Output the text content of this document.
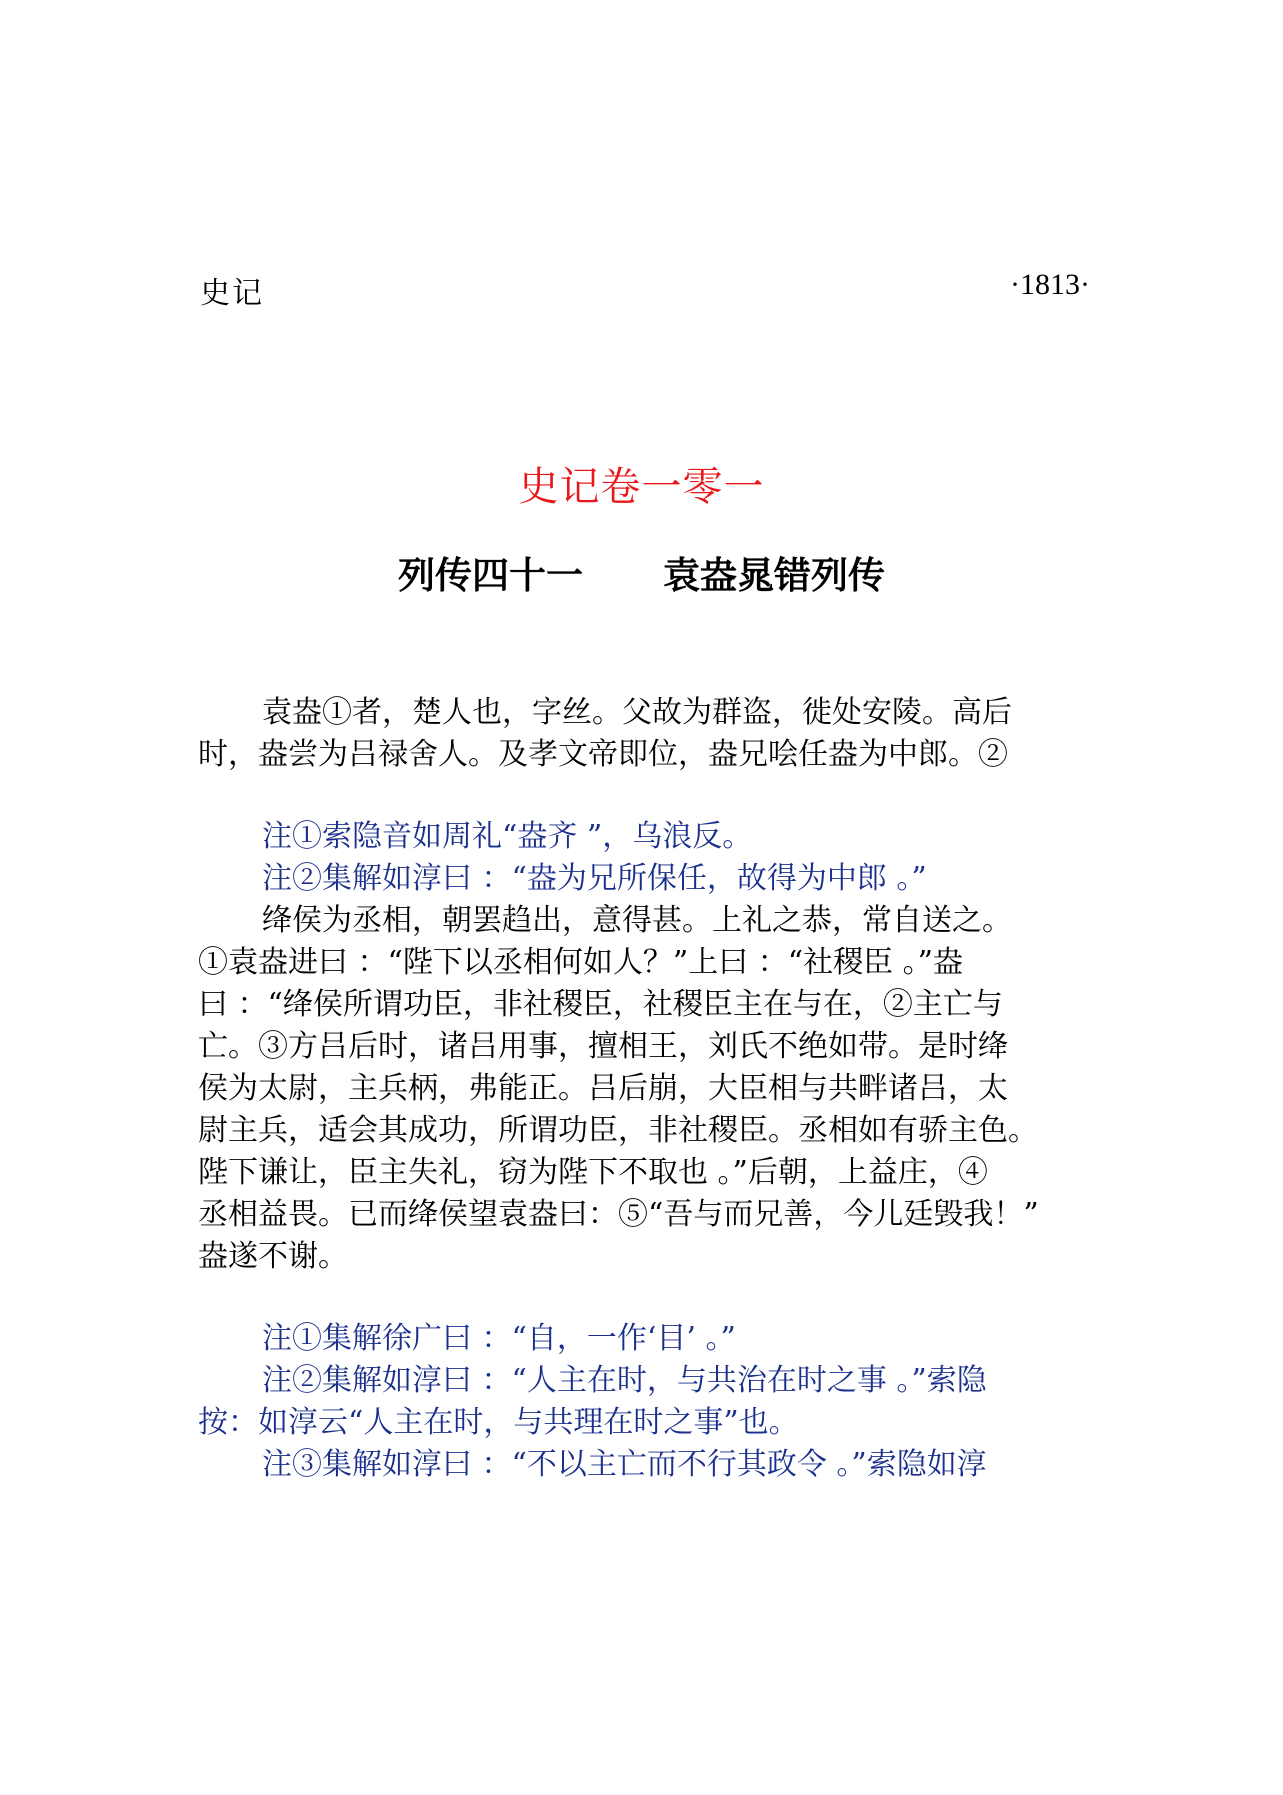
史记	·1813·
史记卷一零一
列传四十一 袁盎晁错列传
袁盎①者，楚人也，字丝。父故为群盗，徙处安陵。高后
时，盎尝为吕禄舍人。及孝文帝即位，盎兄哙任盎为中郎。②
注①索隐音如周礼“盎齐 ”，乌浪反。
注②集解如淳曰 ：“盎为兄所保任，故得为中郎 。”
绛侯为丞相，朝罢趋出，意得甚。上礼之恭，常自送之。
①袁盎进曰 ：“陛下以丞相何如人？”上曰 ：“社稷臣 。”盎
曰 ：“绛侯所谓功臣，非社稷臣，社稷臣主在与在，②主亡与
亡。③方吕后时，诸吕用事，擅相王，刘氏不绝如带。是时绛
侯为太尉，主兵柄，弗能正。吕后崩，大臣相与共畔诸吕，太
尉主兵，适会其成功，所谓功臣，非社稷臣。丞相如有骄主色。
陛下谦让，臣主失礼，窃为陛下不取也 。”后朝，上益庄，④
丞相益畏。已而绛侯望袁盎曰：⑤“吾与而兄善，今儿廷毁我！”
盎遂不谢。
注①集解徐广曰 ：“自，一作‘目’ 。”
注②集解如淳曰 ：“人主在时，与共治在时之事 。”索隐
按：如淳云“人主在时，与共理在时之事”也。
注③集解如淳曰 ：“不以主亡而不行其政令 。”索隐如淳
